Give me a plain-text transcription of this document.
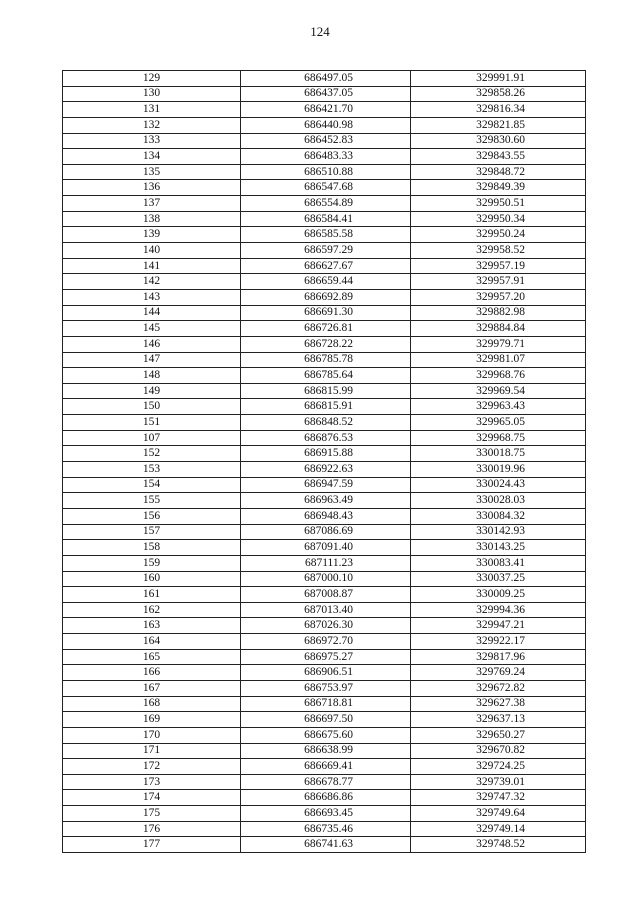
124
129	686497.05	329991.91
130	686437.05	329858.26
131	686421.70	329816.34
132	686440.98	329821.85
133	686452.83	329830.60
134	686483.33	329843.55
135	686510.88	329848.72
136	686547.68	329849.39
137	686554.89	329950.51
138	686584.41	329950.34
139	686585.58	329950.24
140	686597.29	329958.52
141	686627.67	329957.19
142	686659.44	329957.91
143	686692.89	329957.20
144	686691.30	329882.98
145	686726.81	329884.84
146	686728.22	329979.71
147	686785.78	329981.07
148	686785.64	329968.76
149	686815.99	329969.54
150	686815.91	329963.43
151	686848.52	329965.05
107	686876.53	329968.75
152	686915.88	330018.75
153	686922.63	330019.96
154	686947.59	330024.43
155	686963.49	330028.03
156	686948.43	330084.32
157	687086.69	330142.93
158	687091.40	330143.25
159	687111.23	330083.41
160	687000.10	330037.25
161	687008.87	330009.25
162	687013.40	329994.36
163	687026.30	329947.21
164	686972.70	329922.17
165	686975.27	329817.96
166	686906.51	329769.24
167	686753.97	329672.82
168	686718.81	329627.38
169	686697.50	329637.13
170	686675.60	329650.27
171	686638.99	329670.82
172	686669.41	329724.25
173	686678.77	329739.01
174	686686.86	329747.32
175	686693.45	329749.64
176	686735.46	329749.14
177	686741.63	329748.52
